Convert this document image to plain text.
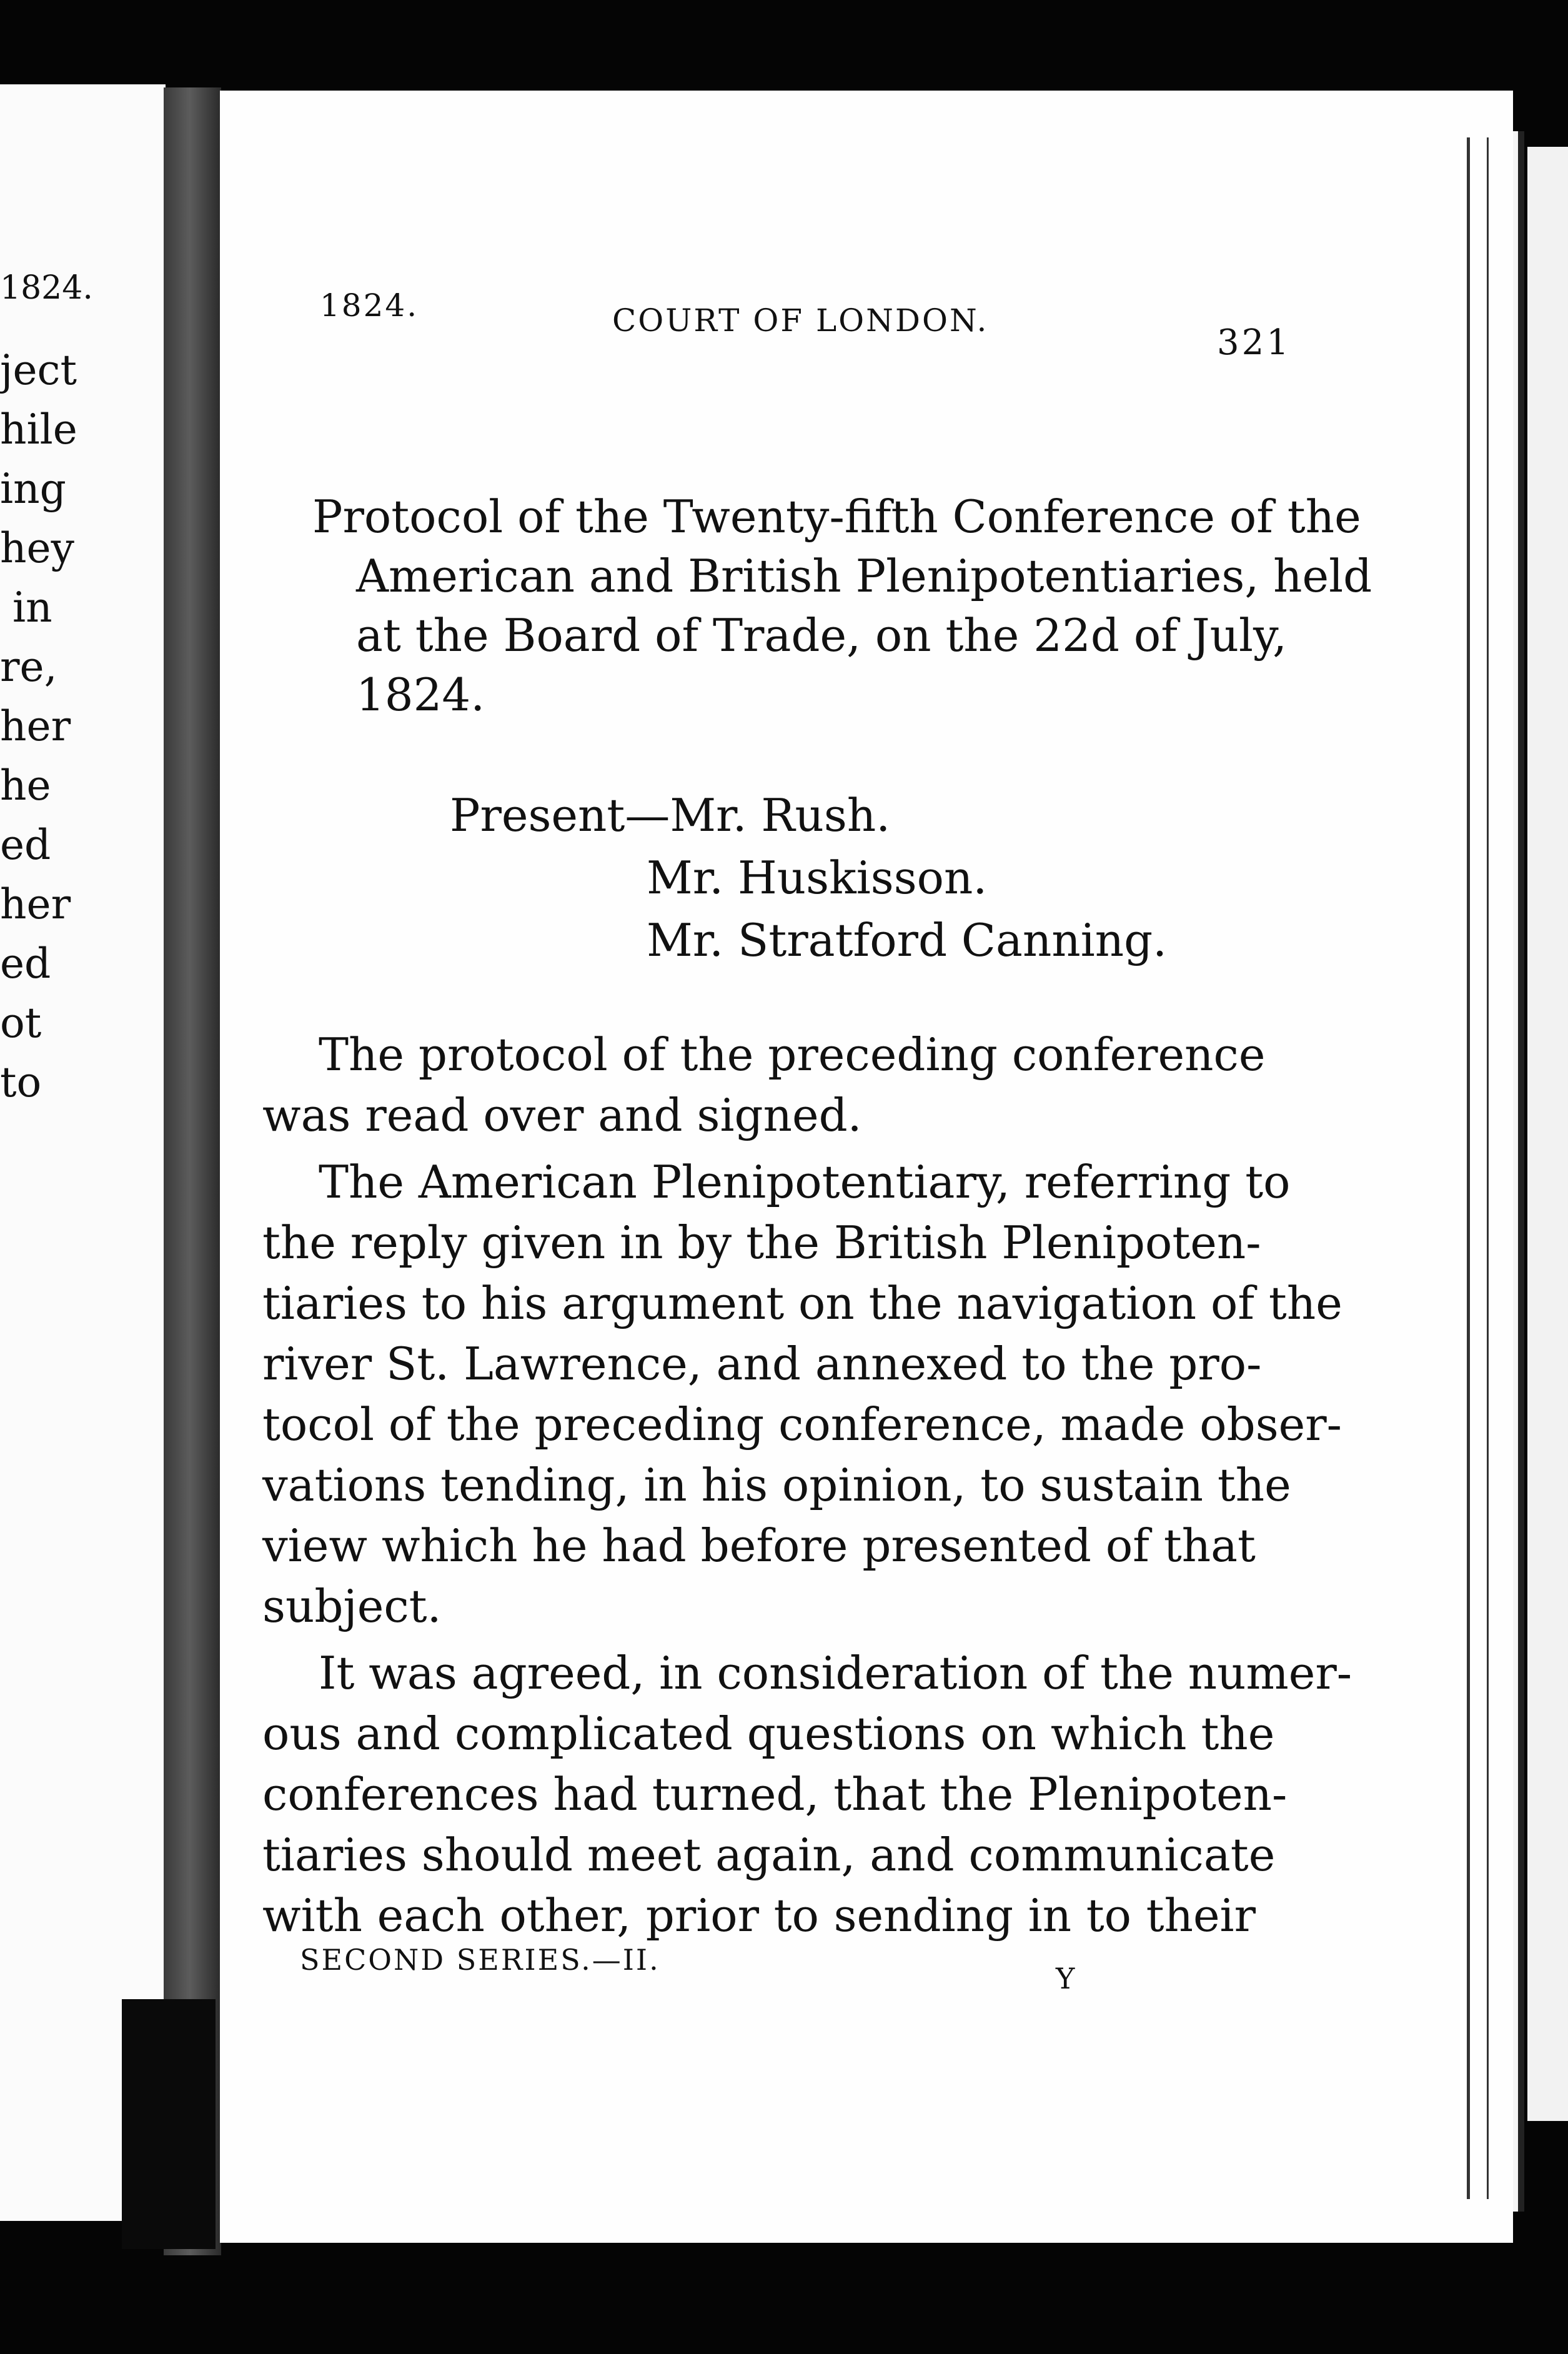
1824.
ject
hile
ing
hey
in
re,
her
he
ed
her
ed
ot
to
1824.	COURT OF LONDON.
321
Protocol of the Twenty-fifth Conference of the
American and British Plenipotentiaries, held
at the Board of Trade, on the 22d of July,
1824.
Present—Mr. Rush.
Mr. Huskisson.
Mr. Stratford Canning.
The protocol of the preceding conference
was read over and signed.
The American Plenipotentiary, referring to
the reply given in by the British Plenipoten-
tiaries to his argument on the navigation of the
river St. Lawrence, and annexed to the pro-
tocol of the preceding conference, made obser-
vations tending, in his opinion, to sustain the
view which he had before presented of that
subject.
It was agreed, in consideration of the numer-
ous and complicated questions on which the
conferences had turned, that the Plenipoten-
tiaries should meet again, and communicate
with each other, prior to sending in to their
SECOND SERIES.—II.
Y
